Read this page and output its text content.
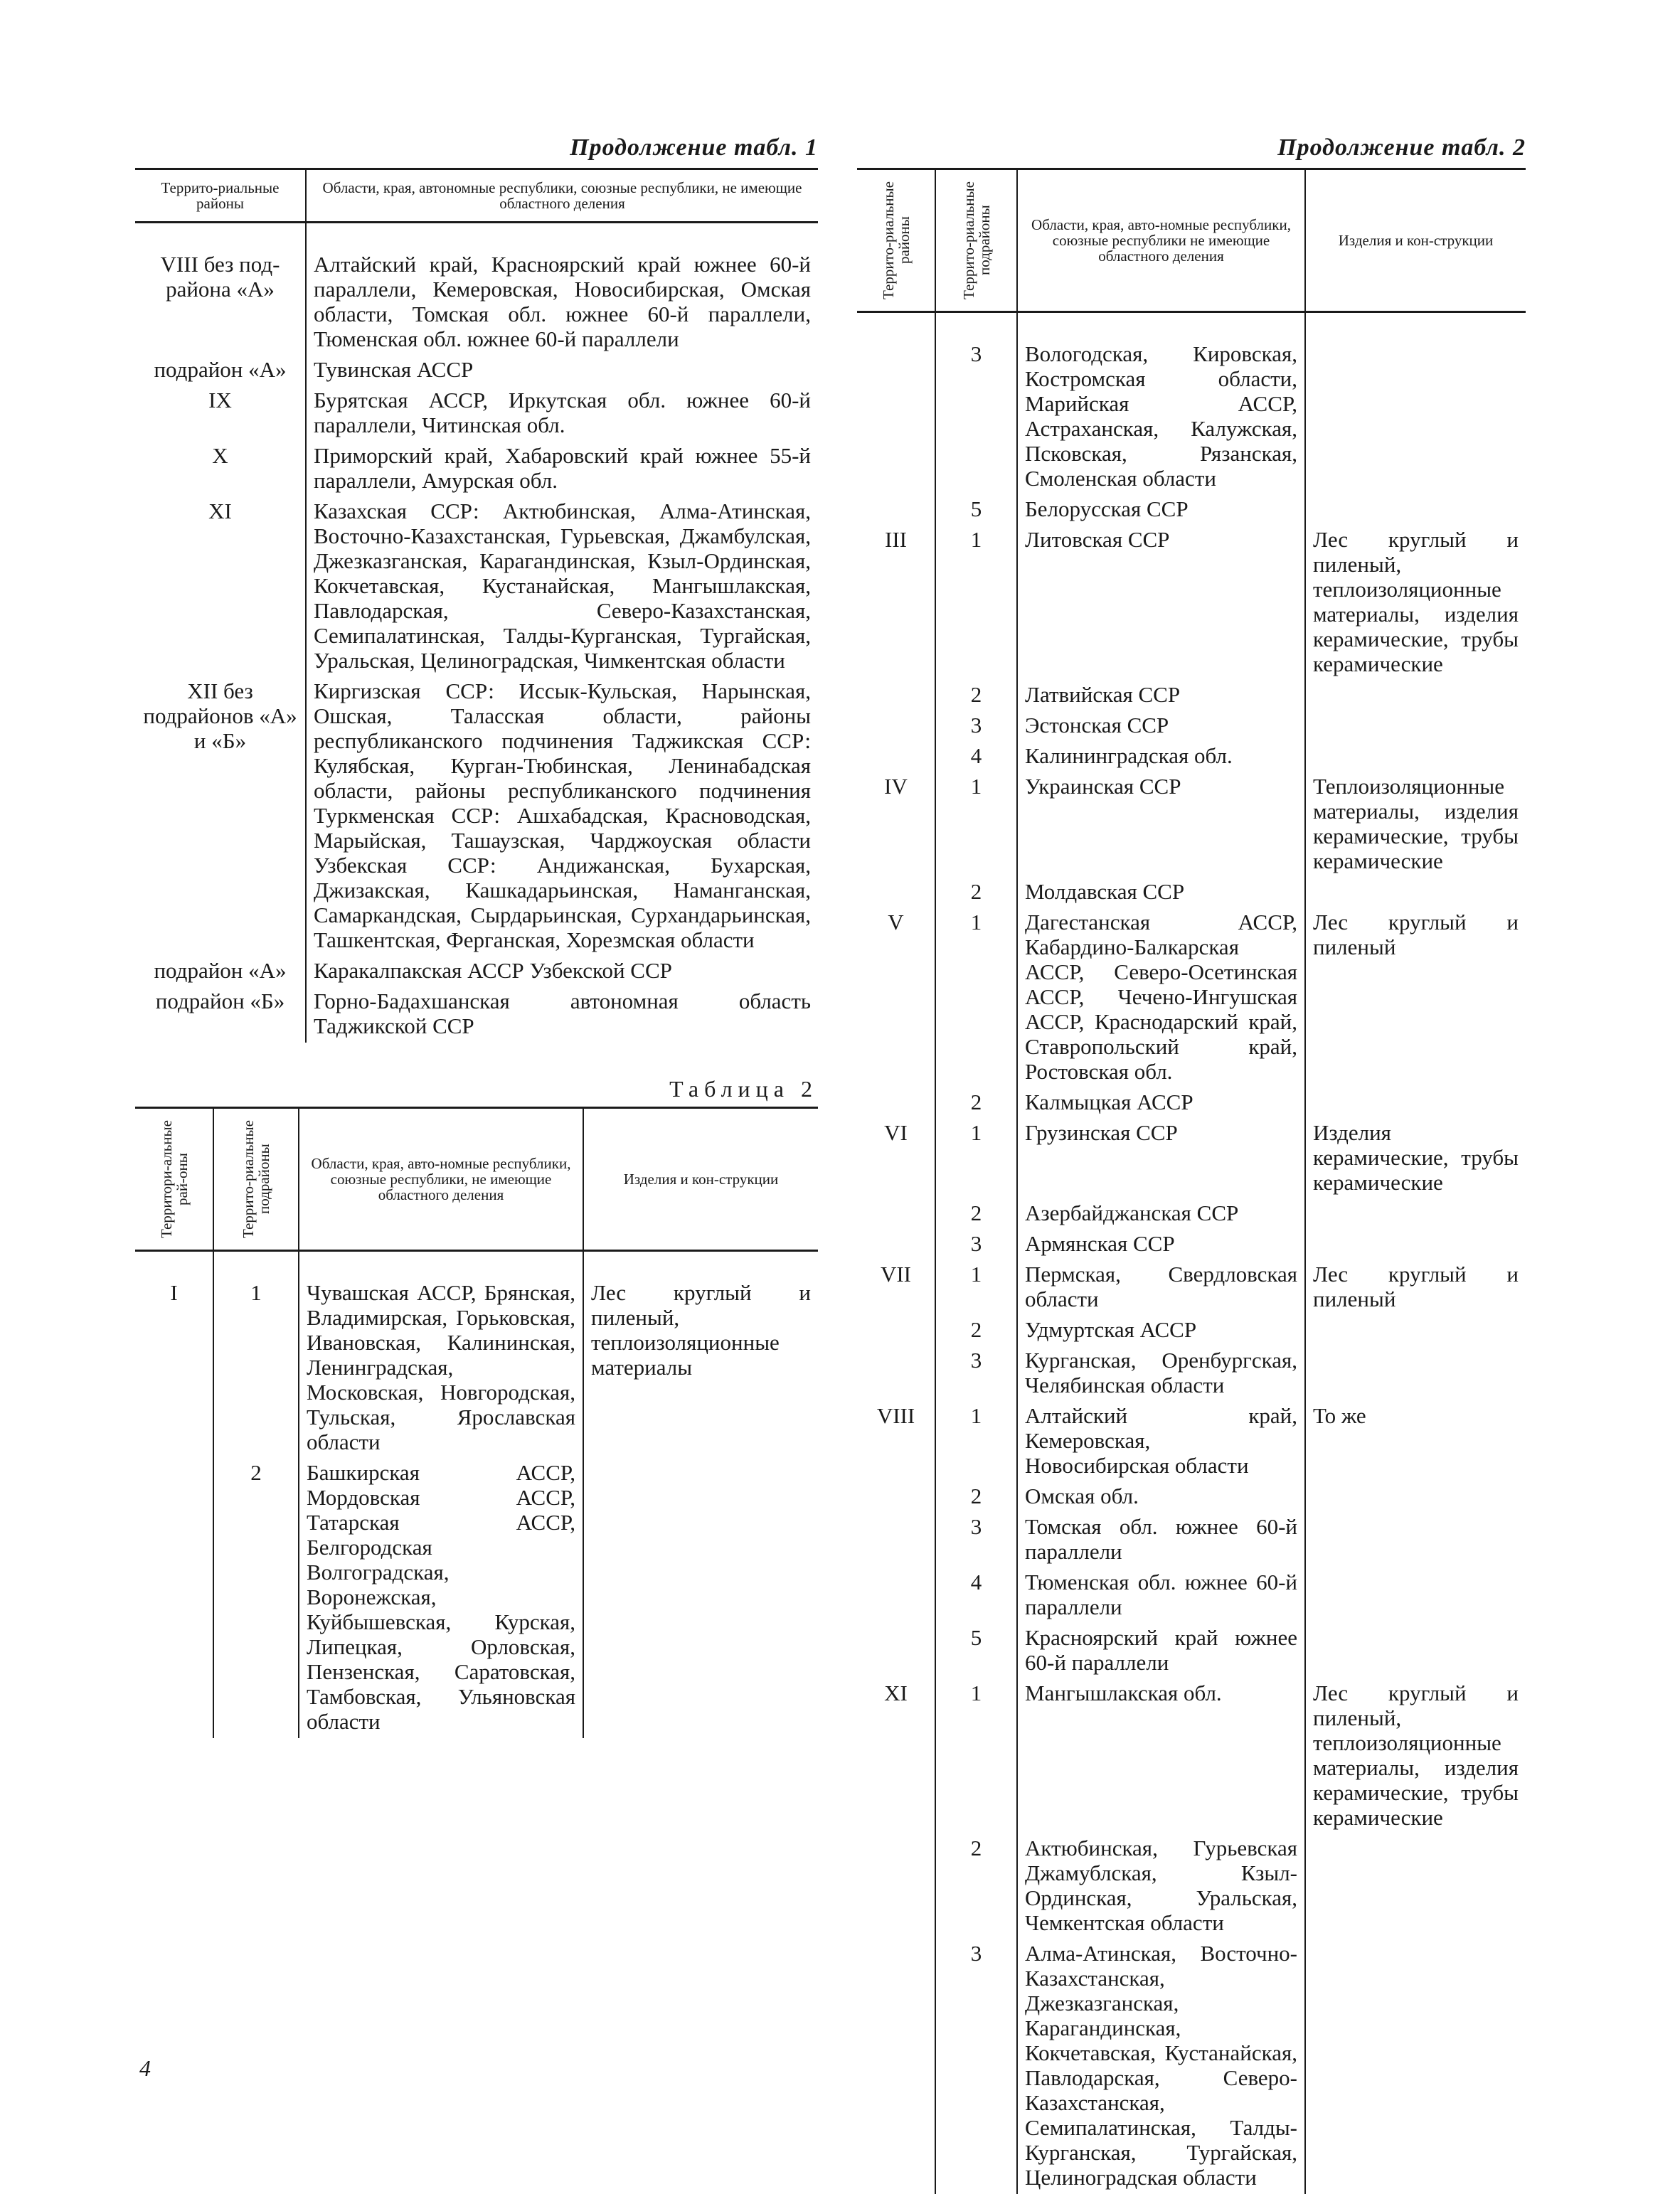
Продолжение табл. 1
Террито-риальные районы	Области, края, автономные республики, союзные республики, не имеющие областного деления
VIII без под-района «А»	Алтайский край, Красноярский край южнее 60-й параллели, Кемеровская, Новосибирская, Омская области, Томская обл. южнее 60-й параллели, Тюменская обл. южнее 60-й параллели
подрайон «А»	Тувинская АССР
IX	Бурятская АССР, Иркутская обл. южнее 60-й параллели, Читинская обл.
X	Приморский край, Хабаровский край южнее 55-й параллели, Амурская обл.
XI	Казахская ССР: Актюбинская, Алма-Атинская, Восточно-Казахстанская, Гурьевская, Джамбулская, Джезказганская, Карагандинская, Кзыл-Ординская, Кокчетавская, Кустанайская, Мангышлакская, Павлодарская, Северо-Казахстанская, Семипалатинская, Талды-Курганская, Тургайская, Уральская, Целиноградская, Чимкентская области
XII без подрайонов «А» и «Б»	Киргизская ССР: Иссык-Кульская, Нарынская, Ошская, Таласская области, районы республиканского подчинения Таджикская ССР: Кулябская, Курган-Тюбинская, Ленинабадская области, районы республиканского подчинения Туркменская ССР: Ашхабадская, Красноводская, Марыйская, Ташаузская, Чарджоуская области Узбекская ССР: Андижанская, Бухарская, Джизакская, Кашкадарьинская, Наманганская, Самаркандская, Сырдарьинская, Сурхандарьинская, Ташкентская, Ферганская, Хорезмская области
подрайон «А»	Каракалпакская АССР Узбекской ССР
подрайон «Б»	Горно-Бадахшанская автономная область Таджикской ССР
Таблица 2
Территори-альные рай-оны	Террито-риальные подрайоны	Области, края, авто-номные республики, союзные республики, не имеющие областного деления	Изделия и кон-струкции
I	1	Чувашская АССР, Брянская, Владимирская, Горьковская, Ивановская, Калининская, Ленинградская, Московская, Новгородская, Тульская, Ярославская области	Лес круглый и пиленый, теплоизоляционные материалы
	2	Башкирская АССР, Мордовская АССР, Татарская АССР, Белгородская Волгоградская, Воронежская, Куйбышевская, Курская, Липецкая, Орловская, Пензенская, Саратовская, Тамбовская, Ульяновская области	
4
Продолжение табл. 2
Террито-риальные районы	Террито-риальные подрайоны	Области, края, авто-номные республики, союзные республики не имеющие областного деления	Изделия и кон-струкции
	3	Вологодская, Кировская, Костромская области, Марийская АССР, Астраханская, Калужская, Псковская, Рязанская, Смоленская области	
	5	Белорусская ССР	
III	1	Литовская ССР	Лес круглый и пиленый, теплоизоляционные материалы, изделия керамические, трубы керамические
	2	Латвийская ССР	
	3	Эстонская ССР	
	4	Калининградская обл.	
IV	1	Украинская ССР	Теплоизоляционные материалы, изделия керамические, трубы керамические
	2	Молдавская ССР	
V	1	Дагестанская АССР, Кабардино-Балкарская АССР, Северо-Осетинская АССР, Чечено-Ингушская АССР, Краснодарский край, Ставропольский край, Ростовская обл.	Лес круглый и пиленый
	2	Калмыцкая АССР	
VI	1	Грузинская ССР	Изделия керамические, трубы керамические
	2	Азербайджанская ССР	
	3	Армянская ССР	
VII	1	Пермская, Свердловская области	Лес круглый и пиленый
	2	Удмуртская АССР	
	3	Курганская, Оренбургская, Челябинская области	
VIII	1	Алтайский край, Кемеровская, Новосибирская области	То же
	2	Омская обл.	
	3	Томская обл. южнее 60-й параллели	
	4	Тюменская обл. южнее 60-й параллели	
	5	Красноярский край южнее 60-й параллели	
XI	1	Мангышлакская обл.	Лес круглый и пиленый, теплоизоляционные материалы, изделия керамические, трубы керамические
	2	Актюбинская, Гурьевская Джамублская, Кзыл-Ординская, Уральская, Чемкентская области	
	3	Алма-Атинская, Восточно-Казахстанская, Джезказганская, Карагандинская, Кокчетавская, Кустанайская, Павлодарская, Северо-Казахстанская, Семипалатинская, Талды-Курганская, Тургайская, Целиноградская области	
